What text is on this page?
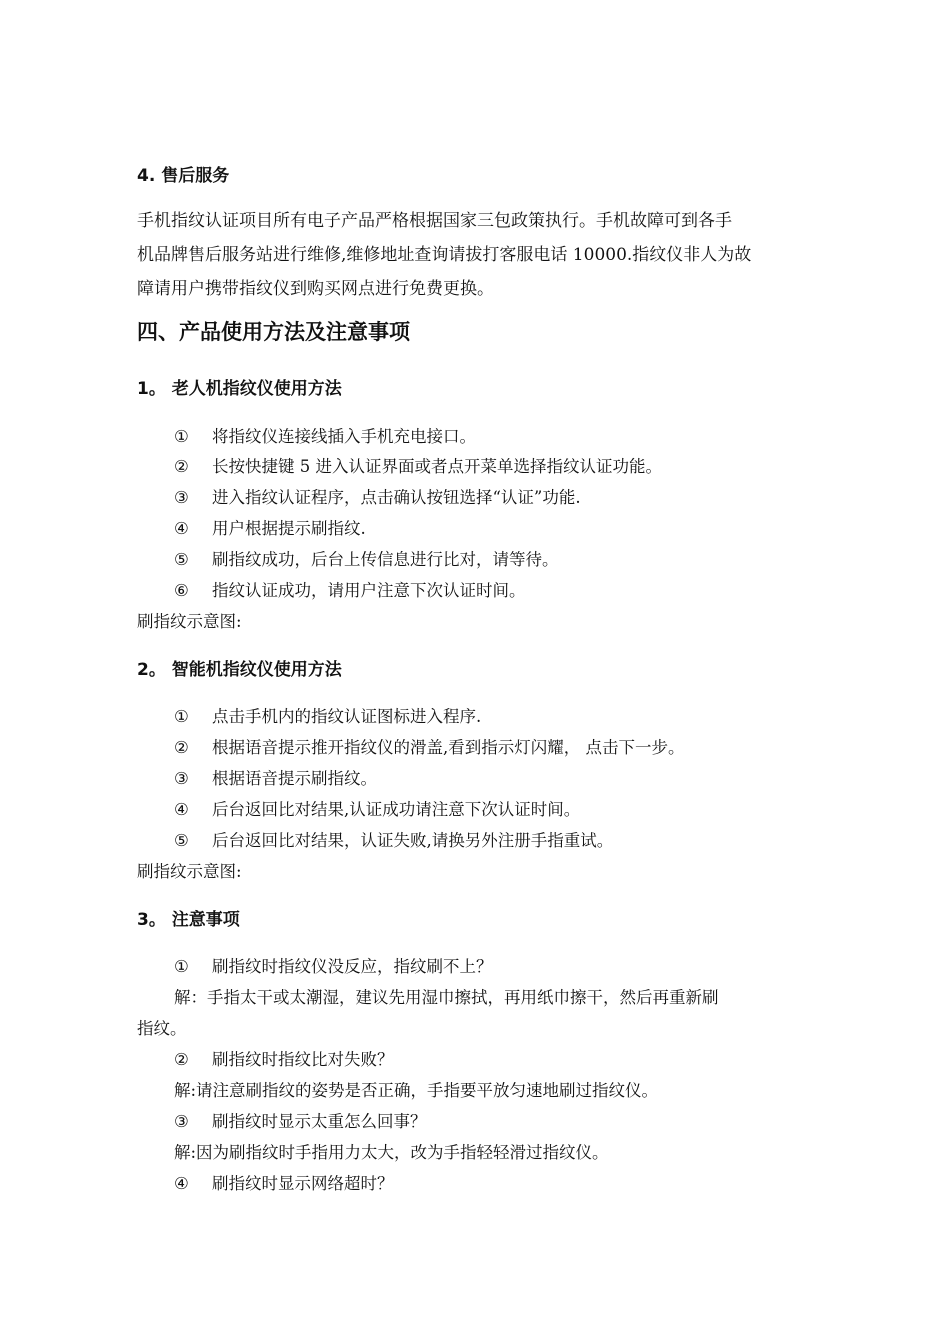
4. 售后服务
手机指纹认证项目所有电子产品严格根据国家三包政策执行。手机故障可到各手
机品牌售后服务站进行维修,维修地址查询请拔打客服电话 10000.指纹仪非人为故
障请用户携带指纹仪到购买网点进行免费更换。
四、产品使用方法及注意事项
1。 老人机指纹仪使用方法
① 将指纹仪连接线插入手机充电接口。
② 长按快捷键 5 进入认证界面或者点开菜单选择指纹认证功能。
③ 进入指纹认证程序，点击确认按钮选择“认证”功能.
④ 用户根据提示刷指纹.
⑤ 刷指纹成功，后台上传信息进行比对，请等待。
⑥ 指纹认证成功，请用户注意下次认证时间。
刷指纹示意图:
2。 智能机指纹仪使用方法
① 点击手机内的指纹认证图标进入程序.
② 根据语音提示推开指纹仪的滑盖,看到指示灯闪耀， 点击下一步。
③ 根据语音提示刷指纹。
④ 后台返回比对结果,认证成功请注意下次认证时间。
⑤ 后台返回比对结果，认证失败,请换另外注册手指重试。
刷指纹示意图:
3。 注意事项
① 刷指纹时指纹仪没反应，指纹刷不上？
解：手指太干或太潮湿，建议先用湿巾擦拭，再用纸巾擦干，然后再重新刷
指纹。
② 刷指纹时指纹比对失败？
解:请注意刷指纹的姿势是否正确，手指要平放匀速地刷过指纹仪。
③ 刷指纹时显示太重怎么回事？
解:因为刷指纹时手指用力太大，改为手指轻轻滑过指纹仪。
④ 刷指纹时显示网络超时？
